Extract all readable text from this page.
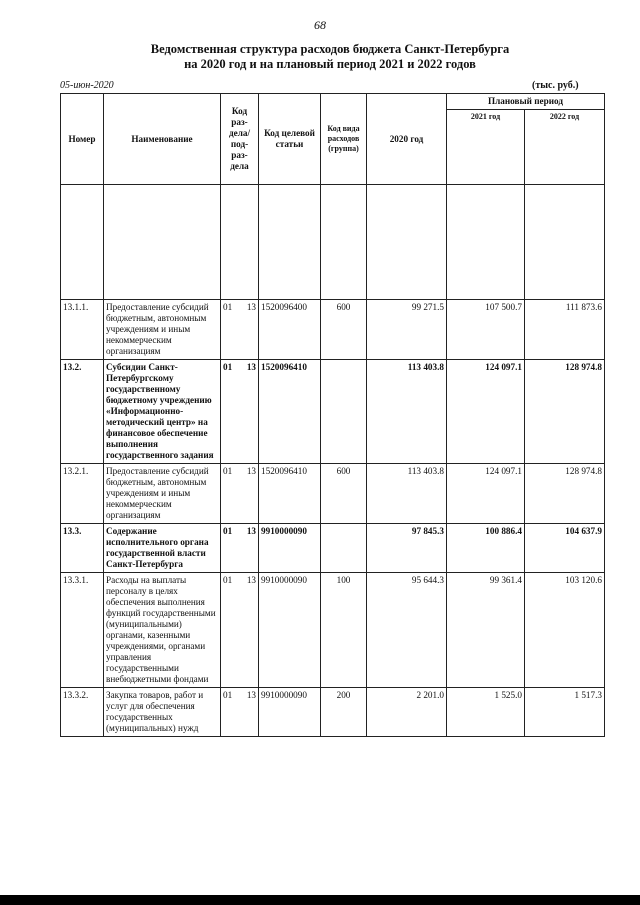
68
Ведомственная структура расходов бюджета Санкт-Петербурга
на 2020 год и на плановый период 2021 и 2022 годов
05-июн-2020	(тыс. руб.)
Номер	Наименование	Код раз-дела/ под-раз-дела	Код целевой статьи	Код вида расходов (группа)	2020 год	Плановый период	
						2021 год	2022 год

13.1.1.	Предоставление субсидий бюджетным, автономным учреждениям и иным некоммерческим организациям	01 13	1520096400	600	99 271.5	107 500.7	111 873.6
13.2.	Субсидии Санкт-Петербургскому государственному бюджетному учреждению «Информационно-методический центр» на финансовое обеспечение выполнения государственного задания	01 13	1520096410		113 403.8	124 097.1	128 974.8
13.2.1.	Предоставление субсидий бюджетным, автономным учреждениям и иным некоммерческим организациям	01 13	1520096410	600	113 403.8	124 097.1	128 974.8
13.3.	Содержание исполнительного органа государственной власти Санкт-Петербурга	01 13	9910000090		97 845.3	100 886.4	104 637.9
13.3.1.	Расходы на выплаты персоналу в целях обеспечения выполнения функций государственными (муниципальными) органами, казенными учреждениями, органами управления государственными внебюджетными фондами	01 13	9910000090	100	95 644.3	99 361.4	103 120.6
13.3.2.	Закупка товаров, работ и услуг для обеспечения государственных (муниципальных) нужд	01 13	9910000090	200	2 201.0	1 525.0	1 517.3
